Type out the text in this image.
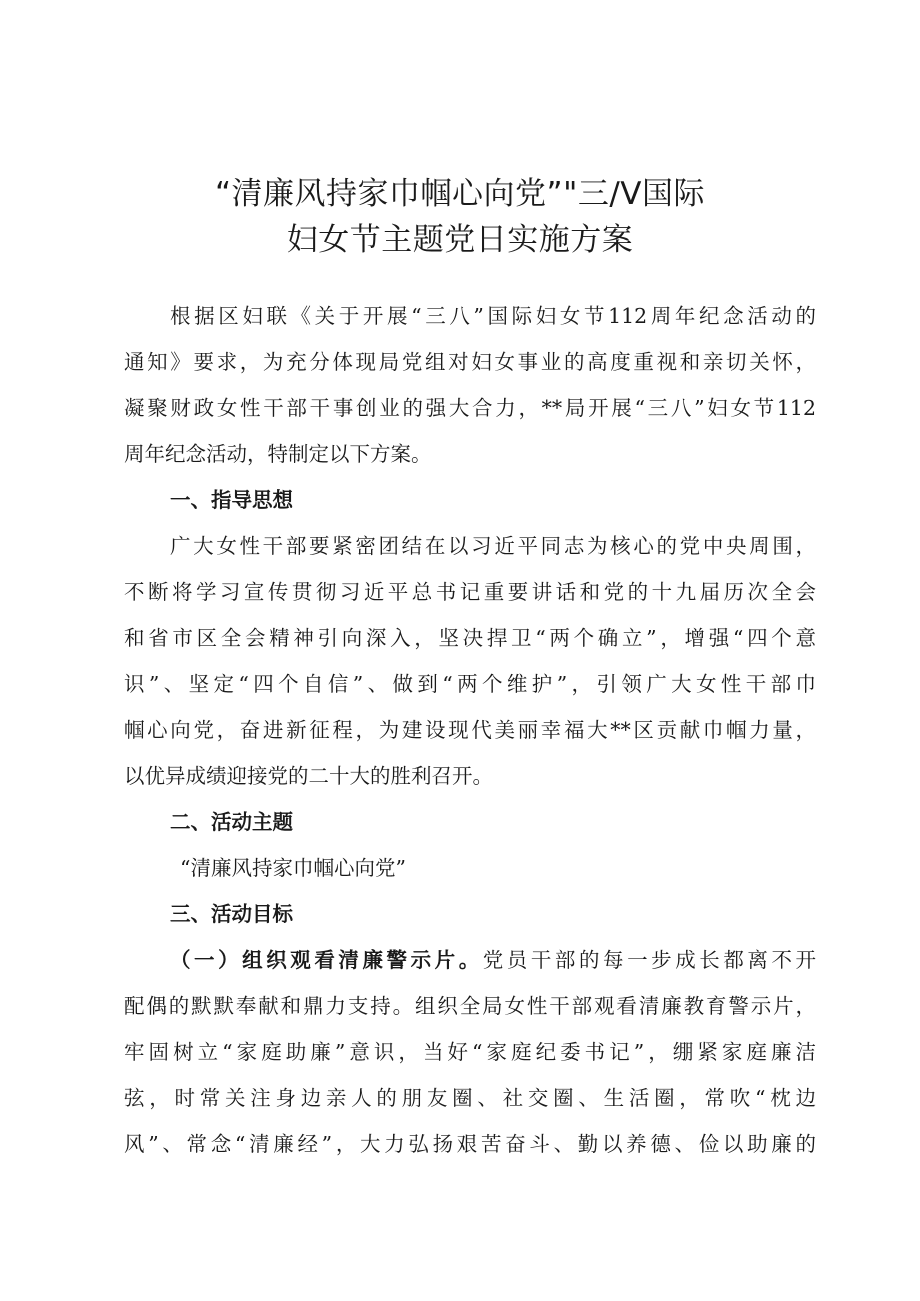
“清廉风持家巾帼心向党”"三/V国际
妇女节主题党日实施方案

根据区妇联《关于开展“三八”国际妇女节112周年纪念活动的

通知》要求，为充分体现局党组对妇女事业的高度重视和亲切关怀，

凝聚财政女性干部干事创业的强大合力，**局开展“三八”妇女节112

周年纪念活动，特制定以下方案。

一、指导思想

广大女性干部要紧密团结在以习近平同志为核心的党中央周围，

不断将学习宣传贯彻习近平总书记重要讲话和党的十九届历次全会

和省市区全会精神引向深入，坚决捍卫“两个确立”，增强“四个意

识”、坚定“四个自信”、做到“两个维护”，引领广大女性干部巾

帼心向党，奋进新征程，为建设现代美丽幸福大**区贡献巾帼力量，

以优异成绩迎接党的二十大的胜利召开。

二、活动主题

“清廉风持家巾帼心向党”

三、活动目标

（一）组织观看清廉警示片。党员干部的每一步成长都离不开

配偶的默默奉献和鼎力支持。组织全局女性干部观看清廉教育警示片，

牢固树立“家庭助廉”意识，当好“家庭纪委书记”，绷紧家庭廉洁

弦，时常关注身边亲人的朋友圈、社交圈、生活圈，常吹“枕边

风”、常念“清廉经”，大力弘扬艰苦奋斗、勤以养德、俭以助廉的
